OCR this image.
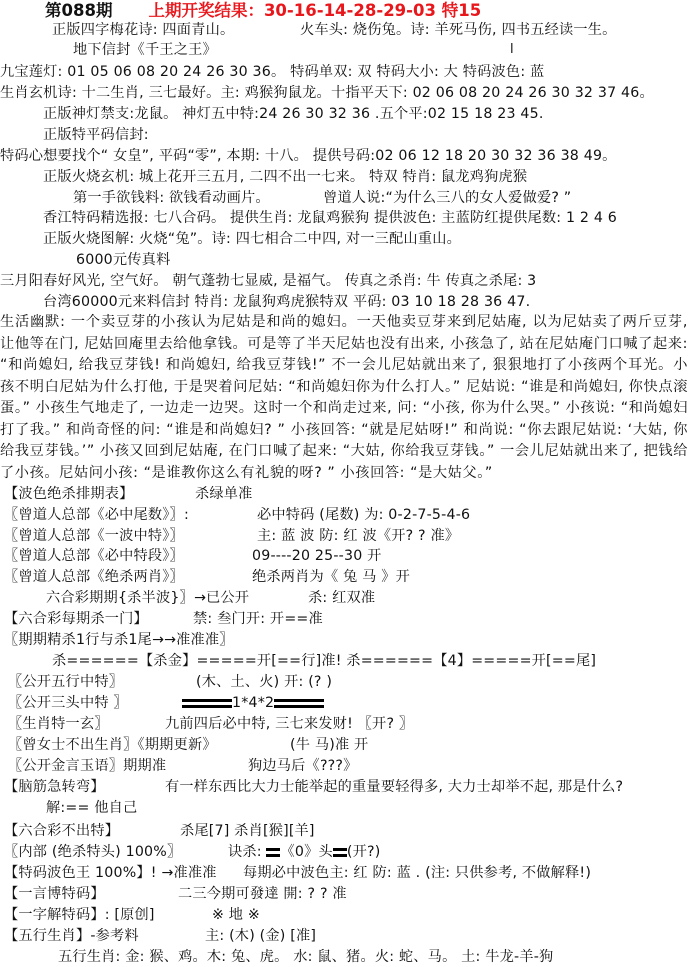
第088期 上期开奖结果：30-16-14-28-29-03 特15
正版四字梅花诗: 四面青山。	火车头: 烧伤兔。诗: 羊死马伤, 四书五经读一生。
地下信封《千王之王》	l
九宝莲灯: 01 05 06 08 20 24 26 30 36。 特码单双: 双 特码大小: 大 特码波色: 蓝
生肖玄机诗: 十二生肖, 三七最好。主: 鸡猴狗鼠龙。十指平天下: 02 06 08 20 24 26 30 32 37 46。
正版神灯禁支:龙鼠。 神灯五中特:24 26 30 32 36 .五个平:02 15 18 23 45.
正版特平码信封:
特码心想要找个“ 女皇”, 平码“零”, 本期: 十八。 提供号码:02 06 12 18 20 30 32 36 38 49。
正版火烧玄机: 城上花开三五月, 二四不出一七来。 特双 特肖: 鼠龙鸡狗虎猴
第一手欲钱料: 欲钱看动画片。	曾道人说:“为什么三八的女人爱做爱? ”
香江特码精选报: 七八合码。 提供生肖: 龙鼠鸡猴狗 提供波色: 主蓝防红提供尾数: 1 2 4 6
正版火烧图解: 火烧“兔”。诗: 四七相合二中四, 对一三配山重山。
6000元传真料
三月阳春好风光, 空气好。 朝气蓬勃七显威, 是福气。 传真之杀肖: 牛 传真之杀尾: 3
台湾60000元来料信封 特肖: 龙鼠狗鸡虎猴特双 平码: 03 10 18 28 36 47.
生活幽默: 一个卖豆芽的小孩认为尼姑是和尚的媳妇。一天他卖豆芽来到尼姑庵, 以为尼姑卖了两斤豆芽, 让他等在门, 尼姑回庵里去给他拿钱。可是等了半天尼姑也没有出来, 小孩急了, 站在尼姑庵门口喊了起来: “和尚媳妇, 给我豆芽钱! 和尚媳妇, 给我豆芽钱!” 不一会儿尼姑就出来了, 狠狠地打了小孩两个耳光。小孩不明白尼姑为什么打他, 于是哭着问尼姑: “和尚媳妇你为什么打人。” 尼姑说: “谁是和尚媳妇, 你快点滚蛋。” 小孩生气地走了, 一边走一边哭。这时一个和尚走过来, 问: “小孩, 你为什么哭。” 小孩说: “和尚媳妇打了我。” 和尚奇怪的问: “谁是和尚媳妇? ” 小孩回答: “就是尼姑呀!” 和尚说: “你去跟尼姑说: ‘大姑, 你给我豆芽钱。’” 小孩又回到尼姑庵, 在门口喊了起来: “大姑, 你给我豆芽钱。” 一会儿尼姑就出来了, 把钱给了小孩。尼姑问小孩: “是谁教你这么有礼貌的呀? ” 小孩回答: “是大姑父。”
【波色绝杀排期表】	杀绿单准
〖曾道人总部《必中尾数》〗:	必中特码 (尾数) 为: 0-2-7-5-4-6
〖曾道人总部《一波中特》〗	主: 蓝 波 防: 红 波《开? ? 准》
〖曾道人总部《必中特段》〗	09----20 25--30 开
〖曾道人总部《绝杀两肖》〗	绝杀两肖为《 兔 马 》开
六合彩期期{杀半波}〗→已公开	杀: 红双准
【六合彩每期杀一门】	禁: 叁门开: 开==准
〖期期精杀1行与杀1尾→→准准准〗
杀======【杀金】=====开[==行]准! 杀======【4】=====开[==尾]
〖公开五行中特〗	(木、土、火) 开: (? )
〖公开三头中特 〗	1*4*2
〖生肖特一玄〗	九前四后必中特, 三七来发财! 〖开? 〗
〖曾女士不出生肖〗《期期更新》	(牛 马)准 开
〖公开金言玉语〗期期准	狗边马后《???》
【脑筋急转弯】	有一样东西比大力士能举起的重量要轻得多, 大力士却举不起, 那是什么?
解:== 他自己
【六合彩不出特】	杀尾[7] 杀肖[猴][羊]
〖内部 (绝杀特头) 100%〗	诀杀: 《0》头 (开?)
【特码波色王 100%】! →准准准 每期必中波色主: 红 防: 蓝 . (注: 只供参考, 不做解释!)
【一言博特码】	二三今期可發達 開: ? ? 准
【一字解特码】: [原创]	※ 地 ※
【五行生肖】-参考料	主: (木) (金) [准]
五行生肖: 金: 猴、鸡。木: 兔、虎。 水: 鼠、猪。火: 蛇、马。 土: 牛龙-羊-狗
